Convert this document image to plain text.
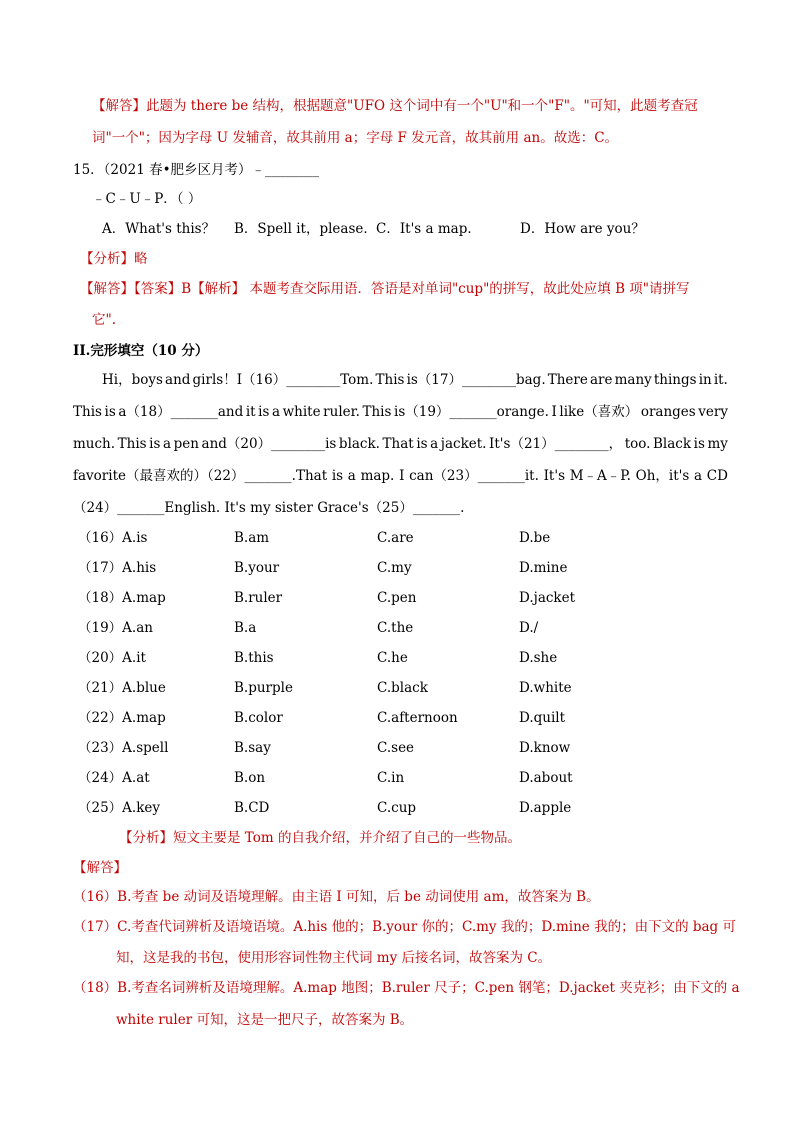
【解答】此题为 there be 结构，根据题意"UFO 这个词中有一个"U"和一个"F"。"可知，此题考查冠
词"一个"；因为字母 U 发辅音，故其前用 a；字母 F 发元音，故其前用 an。故选：C。
15．（2021 春•肥乡区月考）﹣________
﹣C﹣U﹣P．（ ）
A．What's this？ B．Spell it，please． C．It's a map．	D．How are you？
【分析】略
【解答】【答案】B【解析】 本题考查交际用语．答语是对单词"cup"的拼写，故此处应填 B 项"请拼写
它".
II.完形填空（10 分）
Hi，boys and girls！I（16）________Tom. This is（17）________bag. There are many things in it.
This is a（18）_______and it is a white ruler. This is（19）_______orange. I like（喜欢） oranges very
much. This is a pen and（20）________is black. That is a jacket. It's（21）________， too. Black is my
favorite（最喜欢的）（22）_______.That is a map. I can（23）_______it. It's M﹣A﹣P. Oh，it's a CD
（24）_______English. It's my sister Grace's（25）_______.
（16）A.is	B.am	C.are	D.be
（17）A.his	B.your	C.my	D.mine
（18）A.map	B.ruler	C.pen	D.jacket
（19）A.an	B.a	C.the	D./
（20）A.it	B.this	C.he	D.she
（21）A.blue	B.purple	C.black	D.white
（22）A.map	B.color	C.afternoon	D.quilt
（23）A.spell	B.say	C.see	D.know
（24）A.at	B.on	C.in	D.about
（25）A.key	B.CD	C.cup	D.apple
【分析】短文主要是 Tom 的自我介绍，并介绍了自己的一些物品。
【解答】
（16）B.考查 be 动词及语境理解。由主语 I 可知，后 be 动词使用 am，故答案为 B。
（17）C.考查代词辨析及语境语境。A.his 他的；B.your 你的；C.my 我的；D.mine 我的；由下文的 bag 可
知，这是我的书包，使用形容词性物主代词 my 后接名词，故答案为 C。
（18）B.考查名词辨析及语境理解。A.map 地图；B.ruler 尺子；C.pen 钢笔；D.jacket 夹克衫；由下文的 a
white ruler 可知，这是一把尺子，故答案为 B。
